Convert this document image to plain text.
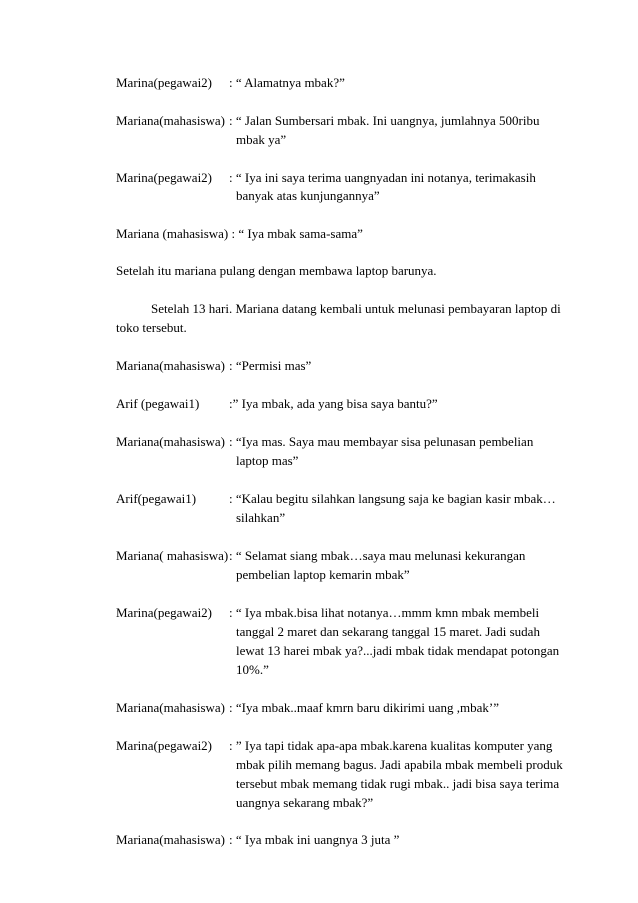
Marina(pegawai2) : “ Alamatnya mbak?”
Mariana(mahasiswa) : “ Jalan Sumbersari mbak. Ini uangnya, jumlahnya 500ribu
mbak ya”
Marina(pegawai2) : “ Iya ini saya terima uangnyadan ini notanya, terimakasih
banyak atas kunjungannya”
Mariana (mahasiswa) : “ Iya mbak sama-sama”
Setelah itu mariana pulang dengan membawa laptop barunya.
Setelah 13 hari. Mariana datang kembali untuk melunasi pembayaran laptop di
toko tersebut.
Mariana(mahasiswa) : “Permisi mas”
Arif (pegawai1) :” Iya mbak, ada yang bisa saya bantu?”
Mariana(mahasiswa) : “Iya mas. Saya mau membayar sisa pelunasan pembelian
laptop mas”
Arif(pegawai1)	: “Kalau begitu silahkan langsung saja ke bagian kasir mbak…
silahkan”
Mariana( mahasiswa) : “ Selamat siang mbak…saya mau melunasi kekurangan
pembelian laptop kemarin mbak”
Marina(pegawai2) : “ Iya mbak.bisa lihat notanya…mmm kmn mbak membeli
tanggal 2 maret dan sekarang tanggal 15 maret. Jadi sudah
lewat 13 harei mbak ya?...jadi mbak tidak mendapat potongan
10%.”
Mariana(mahasiswa) : “Iya mbak..maaf kmrn baru dikirimi uang ,mbak’”
Marina(pegawai2) : ” Iya tapi tidak apa-apa mbak.karena kualitas komputer yang
mbak pilih memang bagus. Jadi apabila mbak membeli produk
tersebut mbak memang tidak rugi mbak.. jadi bisa saya terima
uangnya sekarang mbak?”
Mariana(mahasiswa) : “ Iya mbak ini uangnya 3 juta ”
